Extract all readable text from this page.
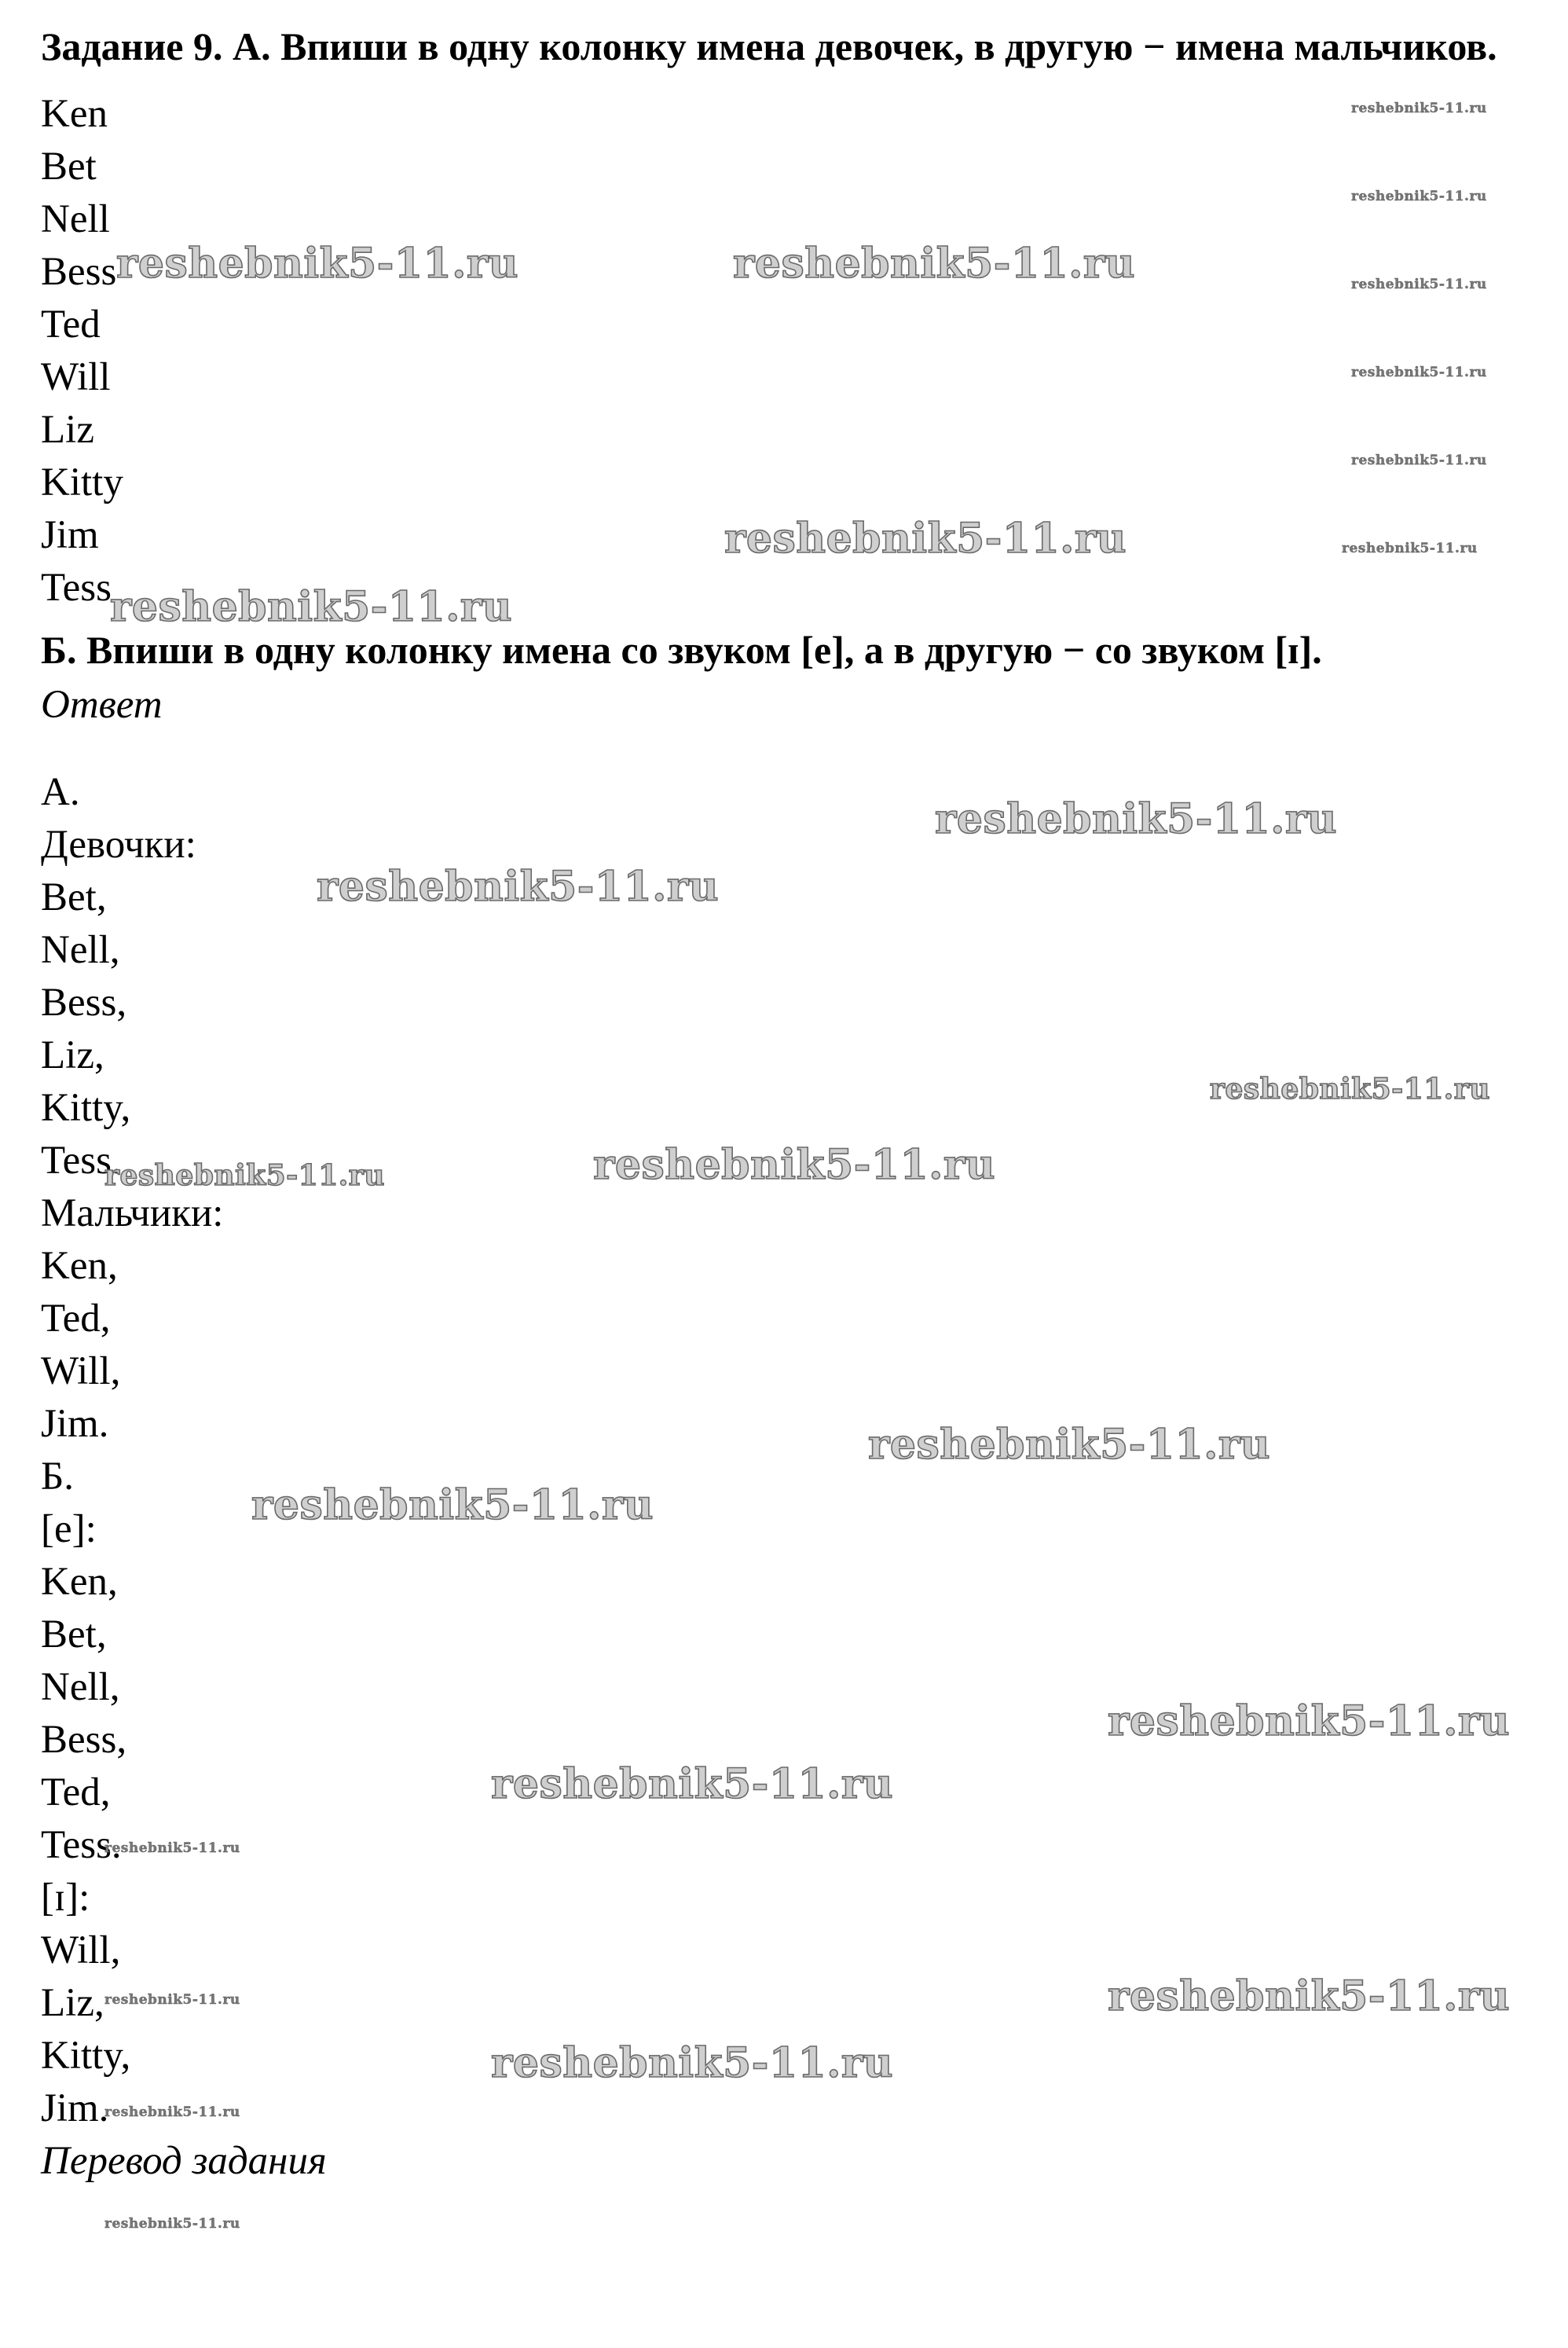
Задание 9. А. Впиши в одну колонку имена девочек, в другую − имена мальчиков.

Ken
Bet
Nell
Bess
Ted
Will
Liz
Kitty
Jim
Tess

Б. Впиши в одну колонку имена со звуком [e], а в другую − со звуком [ɪ].

Ответ
А.
Девочки:
Bet,
Nell,
Bess,
Liz,
Kitty,
Tess.
Мальчики:
Ken,
Ted,
Will,
Jim.
Б.
[e]:
Ken,
Bet,
Nell,
Bess,
Ted,
Tess.
[ɪ]:
Will,
Liz,
Kitty,
Jim.
Перевод задания
reshebnik5-11.ru
reshebnik5-11.ru
reshebnik5-11.ru
reshebnik5-11.ru
reshebnik5-11.ru
reshebnik5-11.ru
reshebnik5-11.ru	reshebnik5-11.ru
reshebnik5-11.ru
reshebnik5-11.ru
reshebnik5-11.ru
reshebnik5-11.ru
reshebnik5-11.ru
reshebnik5-11.ru
reshebnik5-11.ru
reshebnik5-11.ru
reshebnik5-11.ru
reshebnik5-11.ru
reshebnik5-11.ru
reshebnik5-11.ru
reshebnik5-11.ru	reshebnik5-11.ru
reshebnik5-11.ru
reshebnik5-11.ru
reshebnik5-11.ru
